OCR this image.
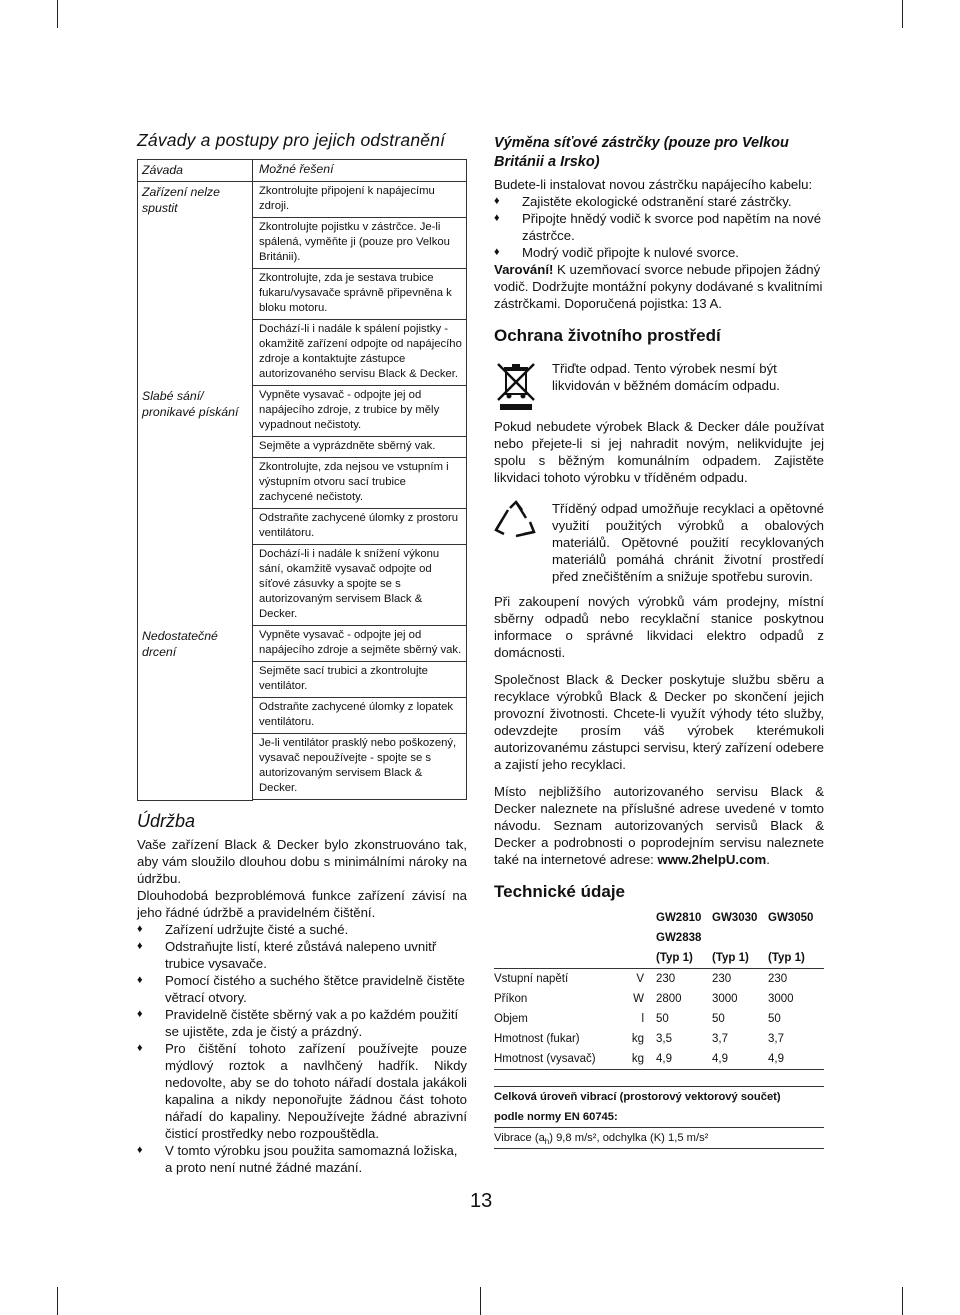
Závady a postupy pro jejich odstranění
Závada	Možné řešení
Zařízení nelze spustit	Zkontrolujte připojení k napájecímu zdroji.
Zkontrolujte pojistku v zástrčce. Je-li spálená, vyměňte ji (pouze pro Velkou Británii).
Zkontrolujte, zda je sestava trubice fukaru/vysavače správně připevněna k bloku motoru.
Dochází-li i nadále k spálení pojistky - okamžitě zařízení odpojte od napájecího zdroje a kontaktujte zástupce autorizovaného servisu Black & Decker.

Slabé sání/ pronikavé pískání	Vypněte vysavač - odpojte jej od napájecího zdroje, z trubice by měly vypadnout nečistoty.
Sejměte a vyprázdněte sběrný vak.
Zkontrolujte, zda nejsou ve vstupním i výstupním otvoru sací trubice zachycené nečistoty.
Odstraňte zachycené úlomky z prostoru ventilátoru.
Dochází-li i nadále k snížení výkonu sání, okamžitě vysavač odpojte od síťové zásuvky a spojte se s autorizovaným servisem Black & Decker.

Nedostatečné drcení	Vypněte vysavač - odpojte jej od napájecího zdroje a sejměte sběrný vak.
Sejměte sací trubici a zkontrolujte ventilátor.
Odstraňte zachycené úlomky z lopatek ventilátoru.
Je-li ventilátor prasklý nebo poškozený, vysavač nepoužívejte - spojte se s autorizovaným servisem Black & Decker.
Údržba

Vaše zařízení Black & Decker bylo zkonstruováno tak, aby vám sloužilo dlouhou dobu s minimálními nároky na údržbu.

Dlouhodobá bezproblémová funkce zařízení závisí na jeho řádné údržbě a pravidelném čištění.

♦ Zařízení udržujte čisté a suché.
♦ Odstraňujte listí, které zůstává nalepeno uvnitř trubice vysavače.
♦ Pomocí čistého a suchého štětce pravidelně čistěte větrací otvory.
♦ Pravidelně čistěte sběrný vak a po každém použití se ujistěte, zda je čistý a prázdný.
♦ Pro čištění tohoto zařízení používejte pouze mýdlový roztok a navlhčený hadřík. Nikdy nedovolte, aby se do tohoto nářadí dostala jakákoli kapalina a nikdy neponořujte žádnou část tohoto nářadí do kapaliny. Nepoužívejte žádné abrazivní čisticí prostředky nebo rozpouštědla.
♦ V tomto výrobku jsou použita samomazná ložiska, a proto není nutné žádné mazání.
Výměna síťové zástrčky (pouze pro Velkou Británii a Irsko)

Budete-li instalovat novou zástrčku napájecího kabelu:

♦ Zajistěte ekologické odstranění staré zástrčky.
♦ Připojte hnědý vodič k svorce pod napětím na nové zástrčce.
♦ Modrý vodič připojte k nulové svorce.

Varování! K uzemňovací svorce nebude připojen žádný vodič. Dodržujte montážní pokyny dodávané s kvalitními zástrčkami. Doporučená pojistka: 13 A.

Ochrana životního prostředí

Třiďte odpad. Tento výrobek nesmí být likvidován v běžném domácím odpadu.

Pokud nebudete výrobek Black & Decker dále používat nebo přejete-li si jej nahradit novým, nelikvidujte jej spolu s běžným komunálním odpadem. Zajistěte likvidaci tohoto výrobku v tříděném odpadu.

Tříděný odpad umožňuje recyklaci a opětovné využití použitých výrobků a obalových materiálů. Opětovné použití recyklovaných materiálů pomáhá chránit životní prostředí před znečištěním a snižuje spotřebu surovin.

Při zakoupení nových výrobků vám prodejny, místní sběrny odpadů nebo recyklační stanice poskytnou informace o správné likvidaci elektro odpadů z domácnosti.

Společnost Black & Decker poskytuje službu sběru a recyklace výrobků Black & Decker po skončení jejich provozní životnosti. Chcete-li využít výhody této služby, odevzdejte prosím váš výrobek kterémukoli autorizovanému zástupci servisu, který zařízení odebere a zajistí jeho recyklaci.

Místo nejbližšího autorizovaného servisu Black & Decker naleznete na příslušné adrese uvedené v tomto návodu. Seznam autorizovaných servisů Black & Decker a podrobnosti o poprodejním servisu naleznete také na internetové adrese: www.2helpU.com.

Technické údaje
		GW2810	GW3030	GW3050
		GW2838		
		(Typ 1)	(Typ 1)	(Typ 1)
Vstupní napětí	V	230	230	230
Příkon	W	2800	3000	3000
Objem	l	50	50	50
Hmotnost (fukar)	kg	3,5	3,7	3,7
Hmotnost (vysavač)	kg	4,9	4,9	4,9
Celková úroveň vibrací (prostorový vektorový součet)
podle normy EN 60745:
Vibrace $(a_h)$ 9,8 m/s², odchylka (K) 1,5 m/s²
13
